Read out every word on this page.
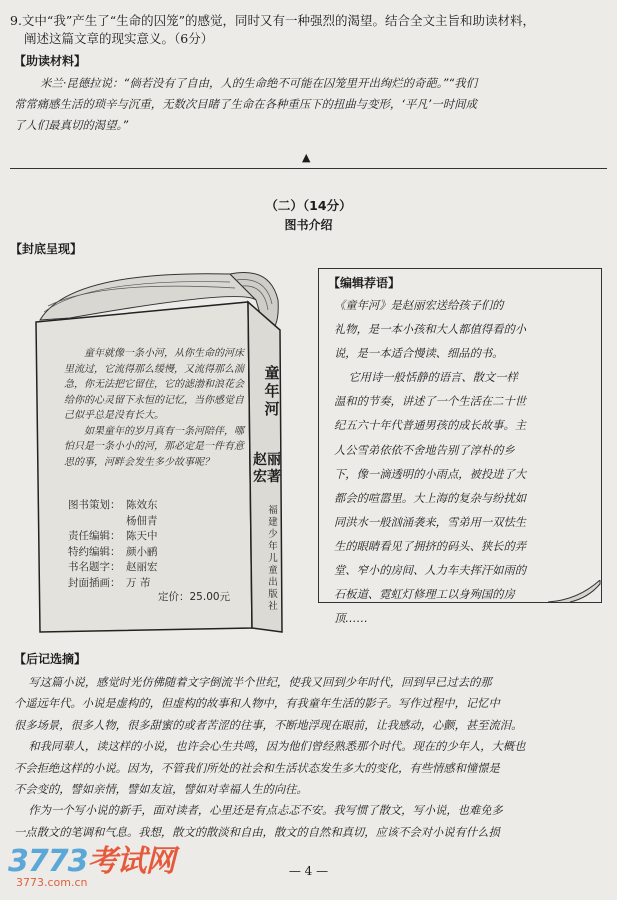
9.文中“我”产生了“生命的囚笼”的感觉，同时又有一种强烈的渴望。结合全文主旨和助读材料，
阐述这篇文章的现实意义。（6分）
【助读材料】
米兰·昆德拉说：“倘若没有了自由，人的生命绝不可能在囚笼里开出绚烂的奇葩。”“我们
常常痛感生活的琐辛与沉重，无数次目睹了生命在各种重压下的扭曲与变形，‘平凡’一时间成
了人们最真切的渴望。”
▲
（二）（14分）
图书介绍
【封底呈现】
童年就像一条小河，从你生命的河床里流过，它流得那么缓慢，又流得那么湍急，你无法把它留住，它的滤渤和浪花会给你的心灵留下永恒的记忆，当你感觉自己似乎总是没有长大。
如果童年的岁月真有一条河陪伴，哪怕只是一条小小的河，那必定是一件有意思的事，河畔会发生多少故事呢？
图书策划： 陈效东
杨佃青
责任编辑： 陈天中
特约编辑： 颜小鹂
书名题字： 赵丽宏
封面插画： 万 芾
定价：25.00元
童年河
赵丽宏著
福建少年儿童出版社
【编辑荐语】
《童年河》是赵丽宏送给孩子们的
礼物，是一本小孩和大人都值得看的小
说，是一本适合慢读、细品的书。
它用诗一般恬静的语言、散文一样
温和的节奏，讲述了一个生活在二十世
纪五六十年代普通男孩的成长故事。主
人公雪弟依依不舍地告别了淳朴的乡
下，像一滴透明的小雨点，被投进了大
都会的喧嚣里。大上海的复杂与纷扰如
同洪水一般汹涌袭来，雪弟用一双怯生
生的眼睛看见了拥挤的码头、狭长的弄
堂、窄小的房间、人力车夫挥汗如雨的
石板道、霓虹灯修理工以身殉国的房
顶……
【后记选摘】
写这篇小说，感觉时光仿佛随着文字倒流半个世纪，使我又回到少年时代，回到早已过去的那
个遥远年代。小说是虚构的，但虚构的故事和人物中，有我童年生活的影子。写作过程中，记忆中
很多场景，很多人物，很多甜蜜的或者苦涩的往事，不断地浮现在眼前，让我感动，心颤，甚至流泪。
和我同辈人，读这样的小说，也许会心生共鸣，因为他们曾经熟悉那个时代。现在的少年人，大概也
不会拒绝这样的小说。因为，不管我们所处的社会和生活状态发生多大的变化，有些情感和憧憬是
不会变的，譬如亲情，譬如友谊，譬如对幸福人生的向往。
作为一个写小说的新手，面对读者，心里还是有点忐忑不安。我写惯了散文，写小说，也难免多
一点散文的笔调和气息。我想，散文的散淡和自由，散文的自然和真切，应该不会对小说有什么损
3773考试网
3773.com.cn
— 4 —
